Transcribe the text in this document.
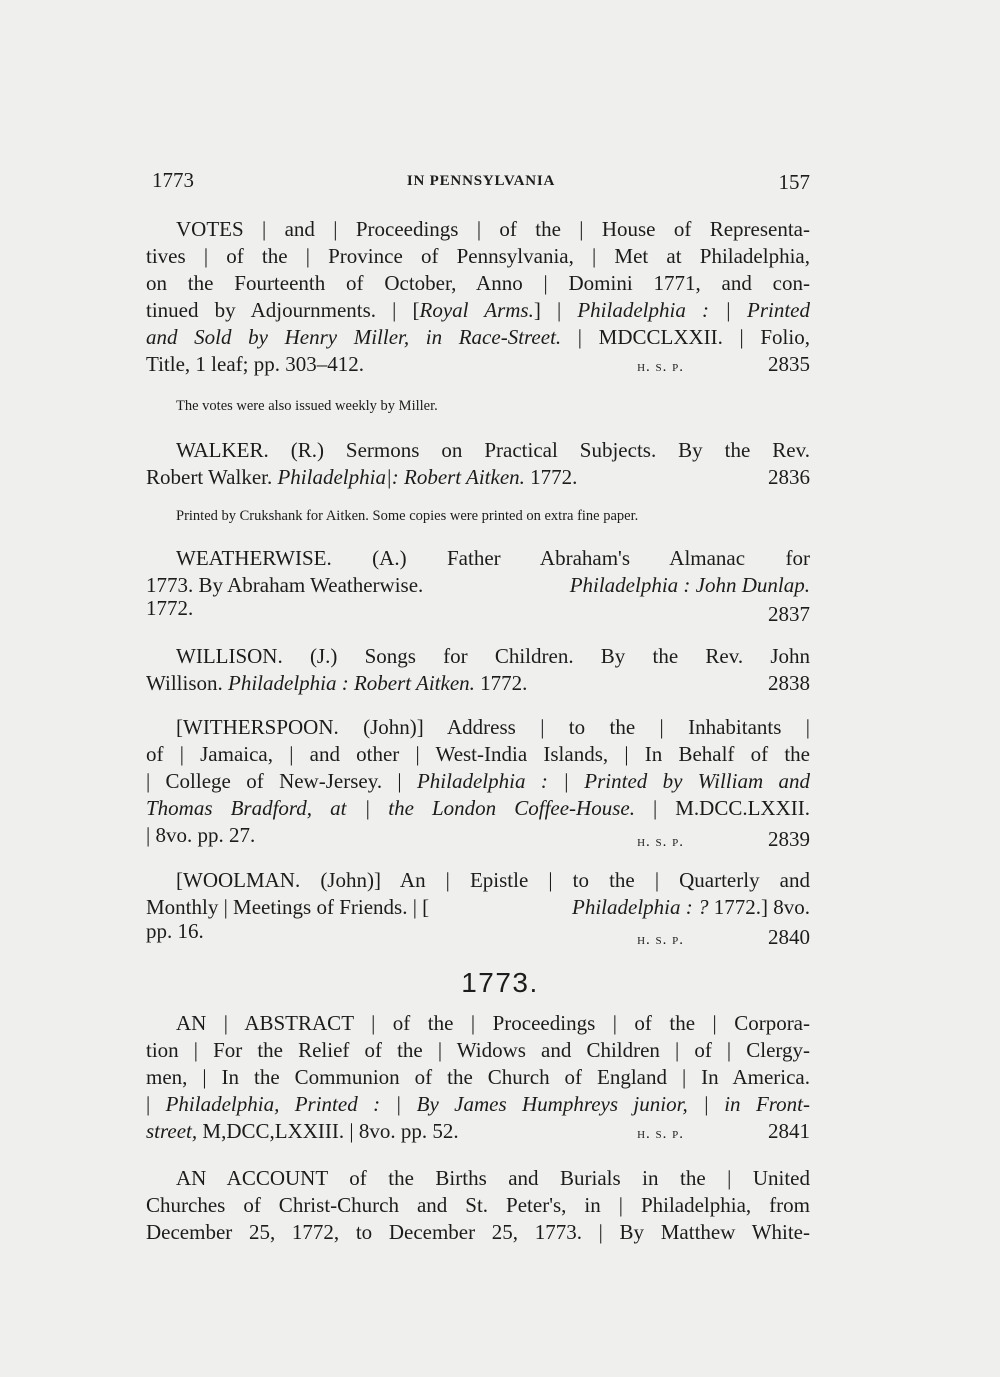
1773	IN PENNSYLVANIA	157
VOTES | and | Proceedings | of the | House of Representa-
tives | of the | Province of Pennsylvania, | Met at Philadelphia,
on the Fourteenth of October, Anno | Domini 1771, and con-
tinued by Adjournments. | [Royal Arms.] | Philadelphia : | Printed
and Sold by Henry Miller, in Race-Street. | MDCCLXXII. | Folio,
Title, 1 leaf; pp. 303–412.	h. s. p.	2835
The votes were also issued weekly by Miller.
WALKER. (R.) Sermons on Practical Subjects. By the Rev.
Robert Walker. Philadelphia|: Robert Aitken. 1772.	2836
Printed by Crukshank for Aitken. Some copies were printed on extra fine paper.
WEATHERWISE. (A.) Father Abraham's Almanac for
1773. By Abraham Weatherwise.	Philadelphia : John Dunlap.
1772.	2837
WILLISON. (J.) Songs for Children. By the Rev. John
Willison. Philadelphia : Robert Aitken. 1772.	2838
[WITHERSPOON. (John)] Address | to the | Inhabitants |
of | Jamaica, | and other | West-India Islands, | In Behalf of the
| College of New-Jersey. | Philadelphia : | Printed by William and
Thomas Bradford, at | the London Coffee-House. | M.DCC.LXXII.
| 8vo. pp. 27.	h. s. p.	2839
[WOOLMAN. (John)] An | Epistle | to the | Quarterly and
Monthly | Meetings of Friends. | [	Philadelphia : ? 1772.] 8vo.
pp. 16.	h. s. p.	2840
1773.
AN | ABSTRACT | of the | Proceedings | of the | Corpora-
tion | For the Relief of the | Widows and Children | of | Clergy-
men, | In the Communion of the Church of England | In America.
| Philadelphia, Printed : | By James Humphreys junior, | in Front-
street, M,DCC,LXXIII. | 8vo. pp. 52.	h. s. p.	2841
AN ACCOUNT of the Births and Burials in the | United
Churches of Christ-Church and St. Peter's, in | Philadelphia, from
December 25, 1772, to December 25, 1773. | By Matthew White-
